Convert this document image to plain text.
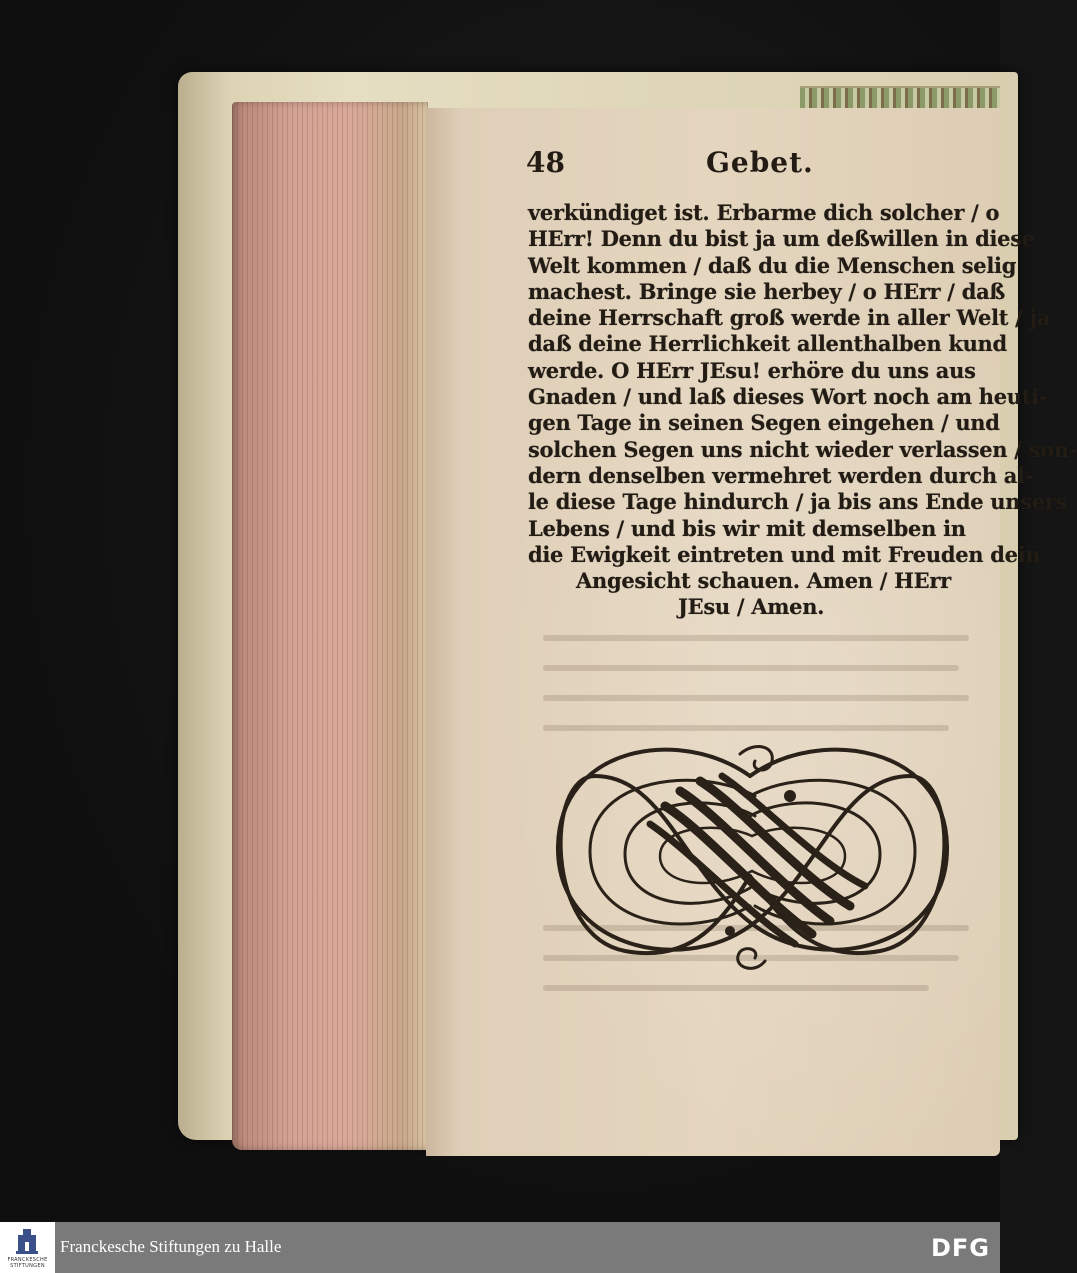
48	Gebet.
verkündiget ist. Erbarme dich solcher / o
HErr! Denn du bist ja um deßwillen in diese
Welt kommen / daß du die Menschen selig
machest. Bringe sie herbey / o HErr / daß
deine Herrschaft groß werde in aller Welt / ja
daß deine Herrlichkeit allenthalben kund
werde. O HErr JEsu! erhöre du uns aus
Gnaden / und laß dieses Wort noch am heuti-
gen Tage in seinen Segen eingehen / und
solchen Segen uns nicht wieder verlassen / son-
dern denselben vermehret werden durch al-
le diese Tage hindurch / ja bis ans Ende unsers
Lebens / und bis wir mit demselben in
die Ewigkeit eintreten und mit Freuden dein
Angesicht schauen. Amen / HErr
JEsu / Amen.
FRANCKESCHE
STIFTUNGEN
Franckesche Stiftungen zu Halle	DFG
